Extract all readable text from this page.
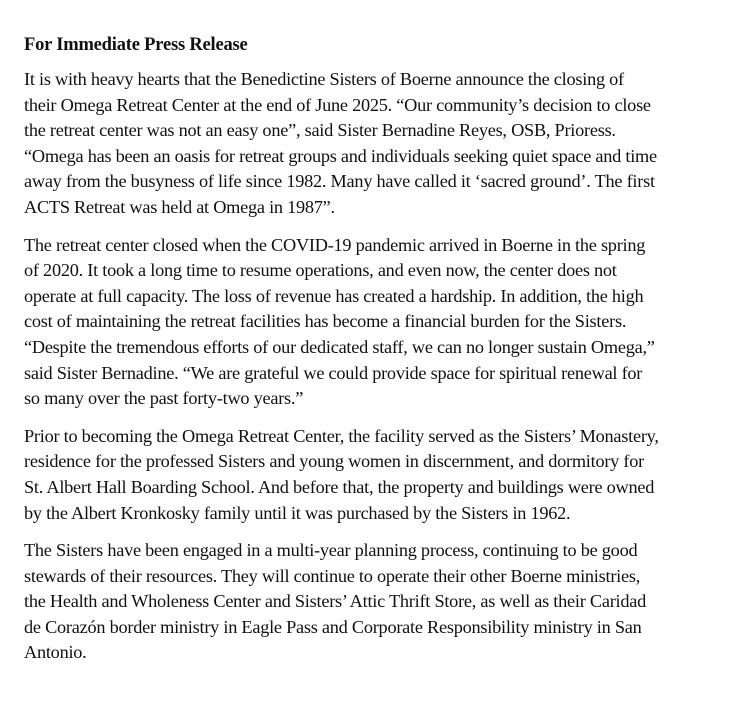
For Immediate Press Release

It is with heavy hearts that the Benedictine Sisters of Boerne announce the closing of
their Omega Retreat Center at the end of June 2025. “Our community’s decision to close
the retreat center was not an easy one”, said Sister Bernadine Reyes, OSB, Prioress.
“Omega has been an oasis for retreat groups and individuals seeking quiet space and time
away from the busyness of life since 1982. Many have called it ‘sacred ground’. The first
ACTS Retreat was held at Omega in 1987”.

The retreat center closed when the COVID-19 pandemic arrived in Boerne in the spring
of 2020. It took a long time to resume operations, and even now, the center does not
operate at full capacity. The loss of revenue has created a hardship. In addition, the high
cost of maintaining the retreat facilities has become a financial burden for the Sisters.
“Despite the tremendous efforts of our dedicated staff, we can no longer sustain Omega,”
said Sister Bernadine. “We are grateful we could provide space for spiritual renewal for
so many over the past forty-two years.”

Prior to becoming the Omega Retreat Center, the facility served as the Sisters’ Monastery,
residence for the professed Sisters and young women in discernment, and dormitory for
St. Albert Hall Boarding School. And before that, the property and buildings were owned
by the Albert Kronkosky family until it was purchased by the Sisters in 1962.

The Sisters have been engaged in a multi-year planning process, continuing to be good
stewards of their resources. They will continue to operate their other Boerne ministries,
the Health and Wholeness Center and Sisters’ Attic Thrift Store, as well as their Caridad
de Corazón border ministry in Eagle Pass and Corporate Responsibility ministry in San
Antonio.
